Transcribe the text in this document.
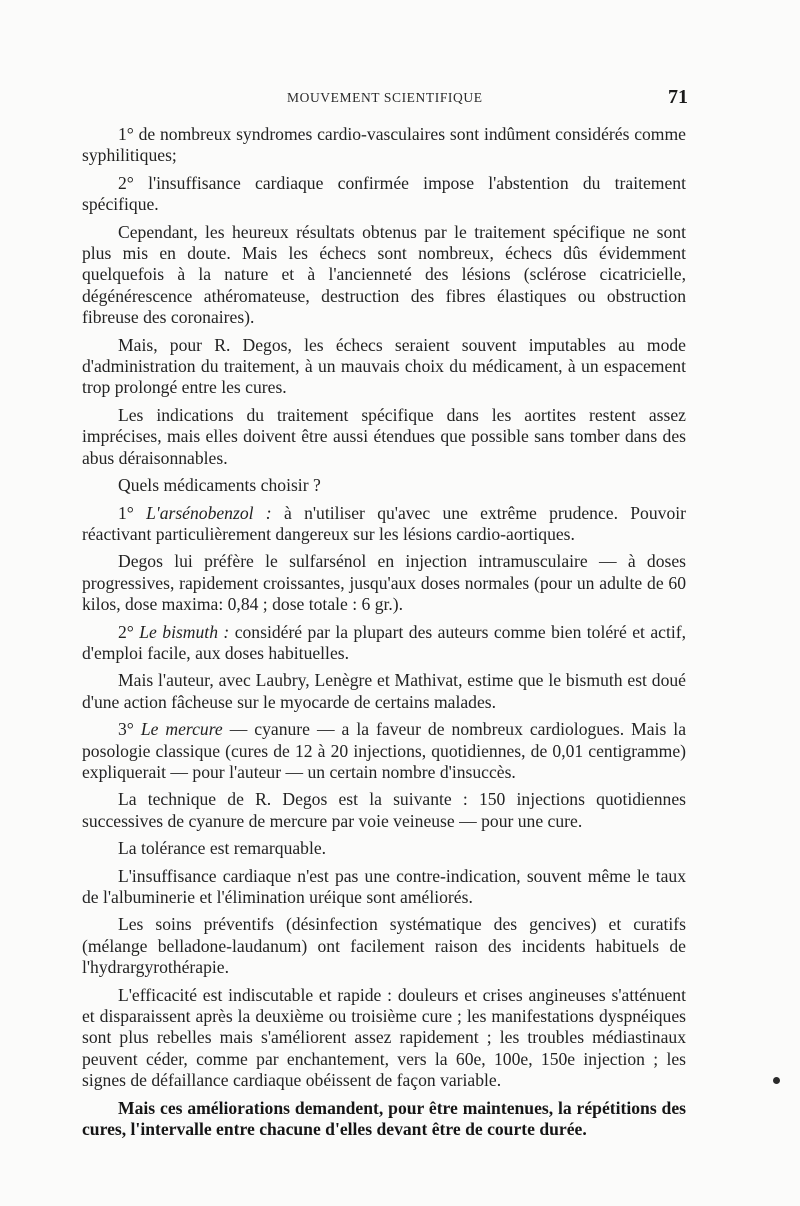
MOUVEMENT SCIENTIFIQUE	71

1° de nombreux syndromes cardio-vasculaires sont indûment considérés comme syphilitiques;

2° l'insuffisance cardiaque confirmée impose l'abstention du traitement spécifique.

Cependant, les heureux résultats obtenus par le traitement spécifique ne sont plus mis en doute. Mais les échecs sont nombreux, échecs dûs évidemment quelquefois à la nature et à l'ancienneté des lésions (sclérose cicatricielle, dégénérescence athéromateuse, destruction des fibres élastiques ou obstruction fibreuse des coronaires).

Mais, pour R. Degos, les échecs seraient souvent imputables au mode d'administration du traitement, à un mauvais choix du médicament, à un espacement trop prolongé entre les cures.

Les indications du traitement spécifique dans les aortites restent assez imprécises, mais elles doivent être aussi étendues que possible sans tomber dans des abus déraisonnables.

Quels médicaments choisir ?

1° L'arsénobenzol : à n'utiliser qu'avec une extrême prudence. Pouvoir réactivant particulièrement dangereux sur les lésions cardio-aortiques.

Degos lui préfère le sulfarsénol en injection intramusculaire — à doses progressives, rapidement croissantes, jusqu'aux doses normales (pour un adulte de 60 kilos, dose maxima: 0,84 ; dose totale : 6 gr.).

2° Le bismuth : considéré par la plupart des auteurs comme bien toléré et actif, d'emploi facile, aux doses habituelles.

Mais l'auteur, avec Laubry, Lenègre et Mathivat, estime que le bismuth est doué d'une action fâcheuse sur le myocarde de certains malades.

3° Le mercure — cyanure — a la faveur de nombreux cardiologues. Mais la posologie classique (cures de 12 à 20 injections, quotidiennes, de 0,01 centigramme) expliquerait — pour l'auteur — un certain nombre d'insuccès.

La technique de R. Degos est la suivante : 150 injections quotidiennes successives de cyanure de mercure par voie veineuse — pour une cure.

La tolérance est remarquable.

L'insuffisance cardiaque n'est pas une contre-indication, souvent même le taux de l'albuminerie et l'élimination uréique sont améliorés.

Les soins préventifs (désinfection systématique des gencives) et curatifs (mélange belladone-laudanum) ont facilement raison des incidents habituels de l'hydrargyrothérapie.

L'efficacité est indiscutable et rapide : douleurs et crises angineuses s'atténuent et disparaissent après la deuxième ou troisième cure ; les manifestations dyspnéiques sont plus rebelles mais s'améliorent assez rapidement ; les troubles médiastinaux peuvent céder, comme par enchantement, vers la 60e, 100e, 150e injection ; les signes de défaillance cardiaque obéissent de façon variable.

Mais ces améliorations demandent, pour être maintenues, la répétitions des cures, l'intervalle entre chacune d'elles devant être de courte durée.
